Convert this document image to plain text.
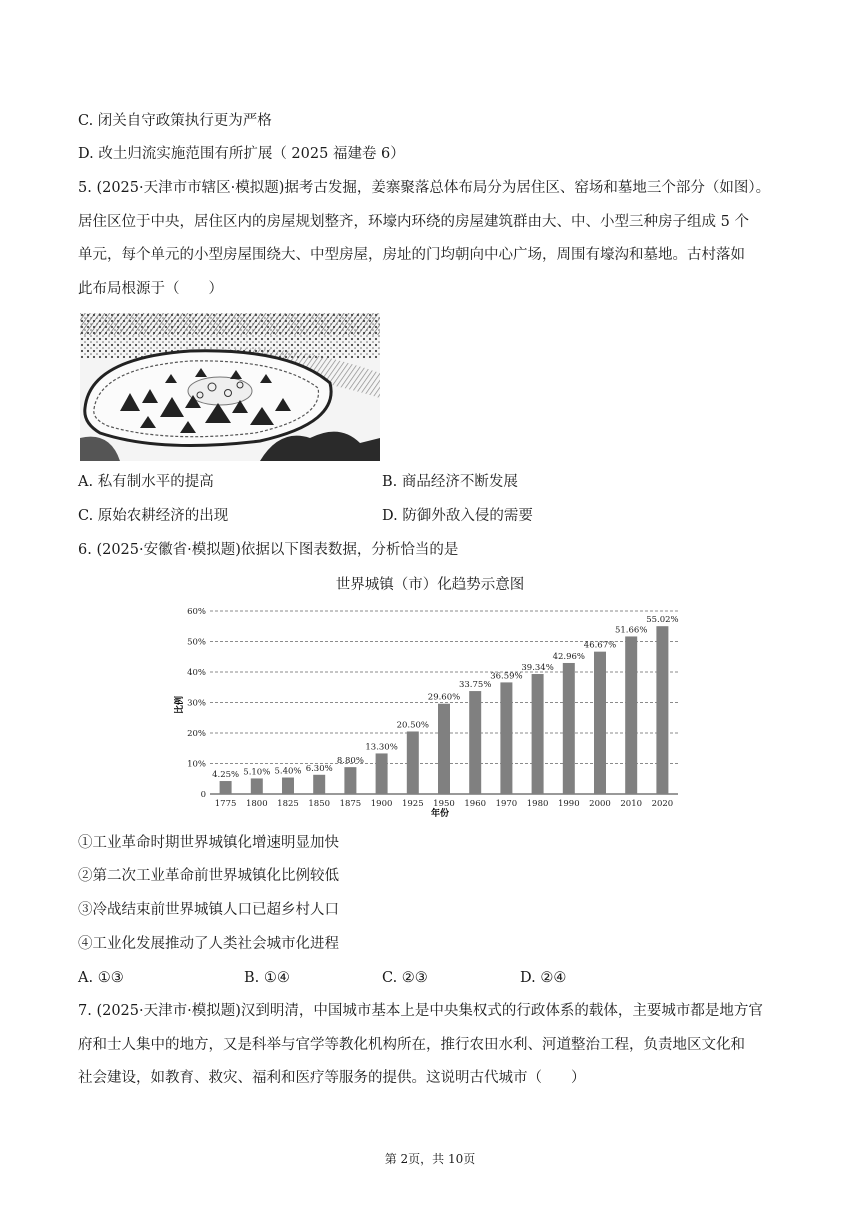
C. 闭关自守政策执行更为严格
D. 改土归流实施范围有所扩展（ 2025 福建卷 6）
5. (2025·天津市市辖区·模拟题)据考古发掘，姜寨聚落总体布局分为居住区、窑场和墓地三个部分（如图）。
居住区位于中央，居住区内的房屋规划整齐，环壕内环绕的房屋建筑群由大、中、小型三种房子组成 5 个
单元，每个单元的小型房屋围绕大、中型房屋，房址的门均朝向中心广场，周围有壕沟和墓地。古村落如
此布局根源于（　　）
A. 私有制水平的提高	B. 商品经济不断发展
C. 原始农耕经济的出现	D. 防御外敌入侵的需要
6. (2025·安徽省·模拟题)依据以下图表数据，分析恰当的是
世界城镇（市）化趋势示意图
4.25% 5.10% 5.40% 6.30%
8.80%
13.30%
20.50%
29.60%
33.75%
36.59%
39.34%
42.96%
46.67%
51.66%
55.02%
0
10%
20%
30%
40%
50%
60%
1775 1800 1825 1850 1875 1900 1925 1950 1960 1970 1980 1990 2000 2010 2020
比例
年份
①工业革命时期世界城镇化增速明显加快
②第二次工业革命前世界城镇化比例较低
③冷战结束前世界城镇人口已超乡村人口
④工业化发展推动了人类社会城市化进程
A. ①③	B. ①④	C. ②③	D. ②④
7. (2025·天津市·模拟题)汉到明清，中国城市基本上是中央集权式的行政体系的载体，主要城市都是地方官
府和士人集中的地方，又是科举与官学等教化机构所在，推行农田水利、河道整治工程，负责地区文化和
社会建设，如教育、救灾、福利和医疗等服务的提供。这说明古代城市（　　）
第 2页，共 10页
